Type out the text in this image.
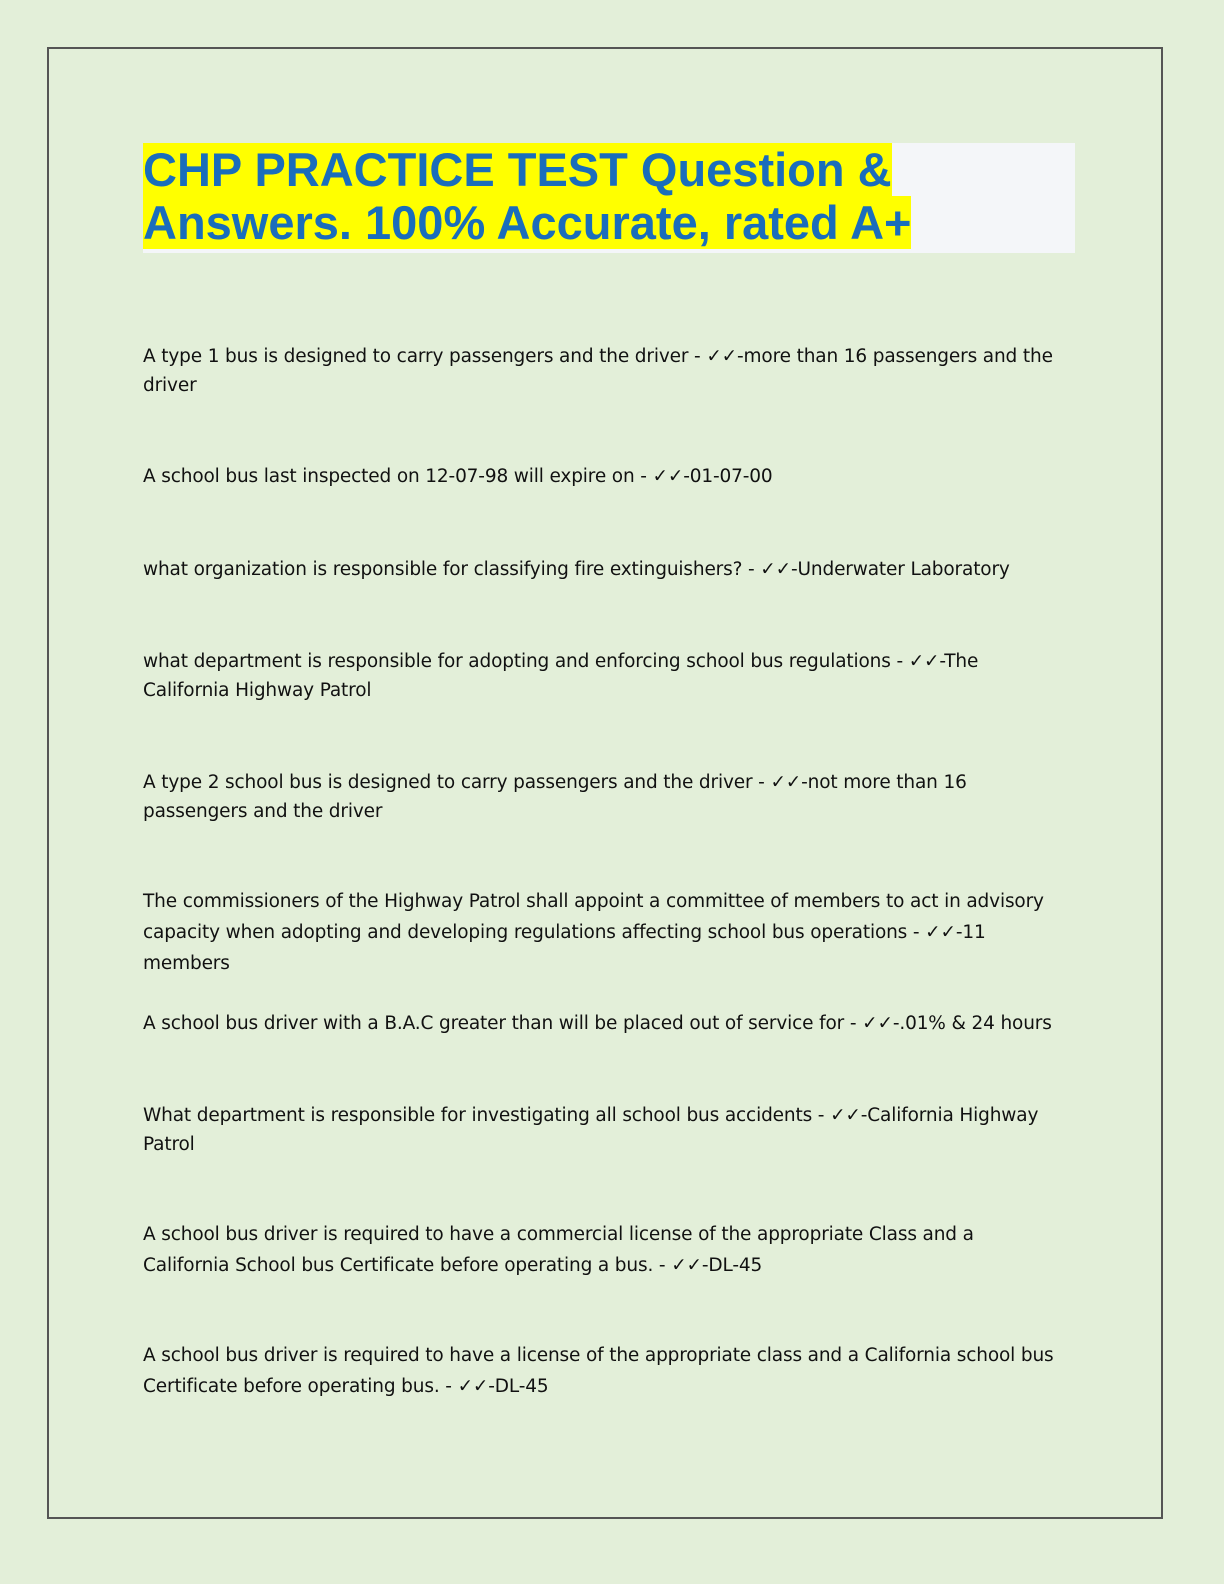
CHP PRACTICE TEST Question &
Answers. 100% Accurate, rated A+
A type 1 bus is designed to carry passengers and the driver - ✓✓-more than 16 passengers and the driver
A school bus last inspected on 12-07-98 will expire on - ✓✓-01-07-00
what organization is responsible for classifying fire extinguishers? - ✓✓-Underwater Laboratory
what department is responsible for adopting and enforcing school bus regulations - ✓✓-The California Highway Patrol
A type 2 school bus is designed to carry passengers and the driver - ✓✓-not more than 16 passengers and the driver
The commissioners of the Highway Patrol shall appoint a committee of members to act in advisory capacity when adopting and developing regulations affecting school bus operations - ✓✓-11 members
A school bus driver with a B.A.C greater than will be placed out of service for - ✓✓-.01% & 24 hours
What department is responsible for investigating all school bus accidents - ✓✓-California Highway Patrol
A school bus driver is required to have a commercial license of the appropriate Class and a California School bus Certificate before operating a bus. - ✓✓-DL-45
A school bus driver is required to have a license of the appropriate class and a California school bus Certificate before operating bus. - ✓✓-DL-45
